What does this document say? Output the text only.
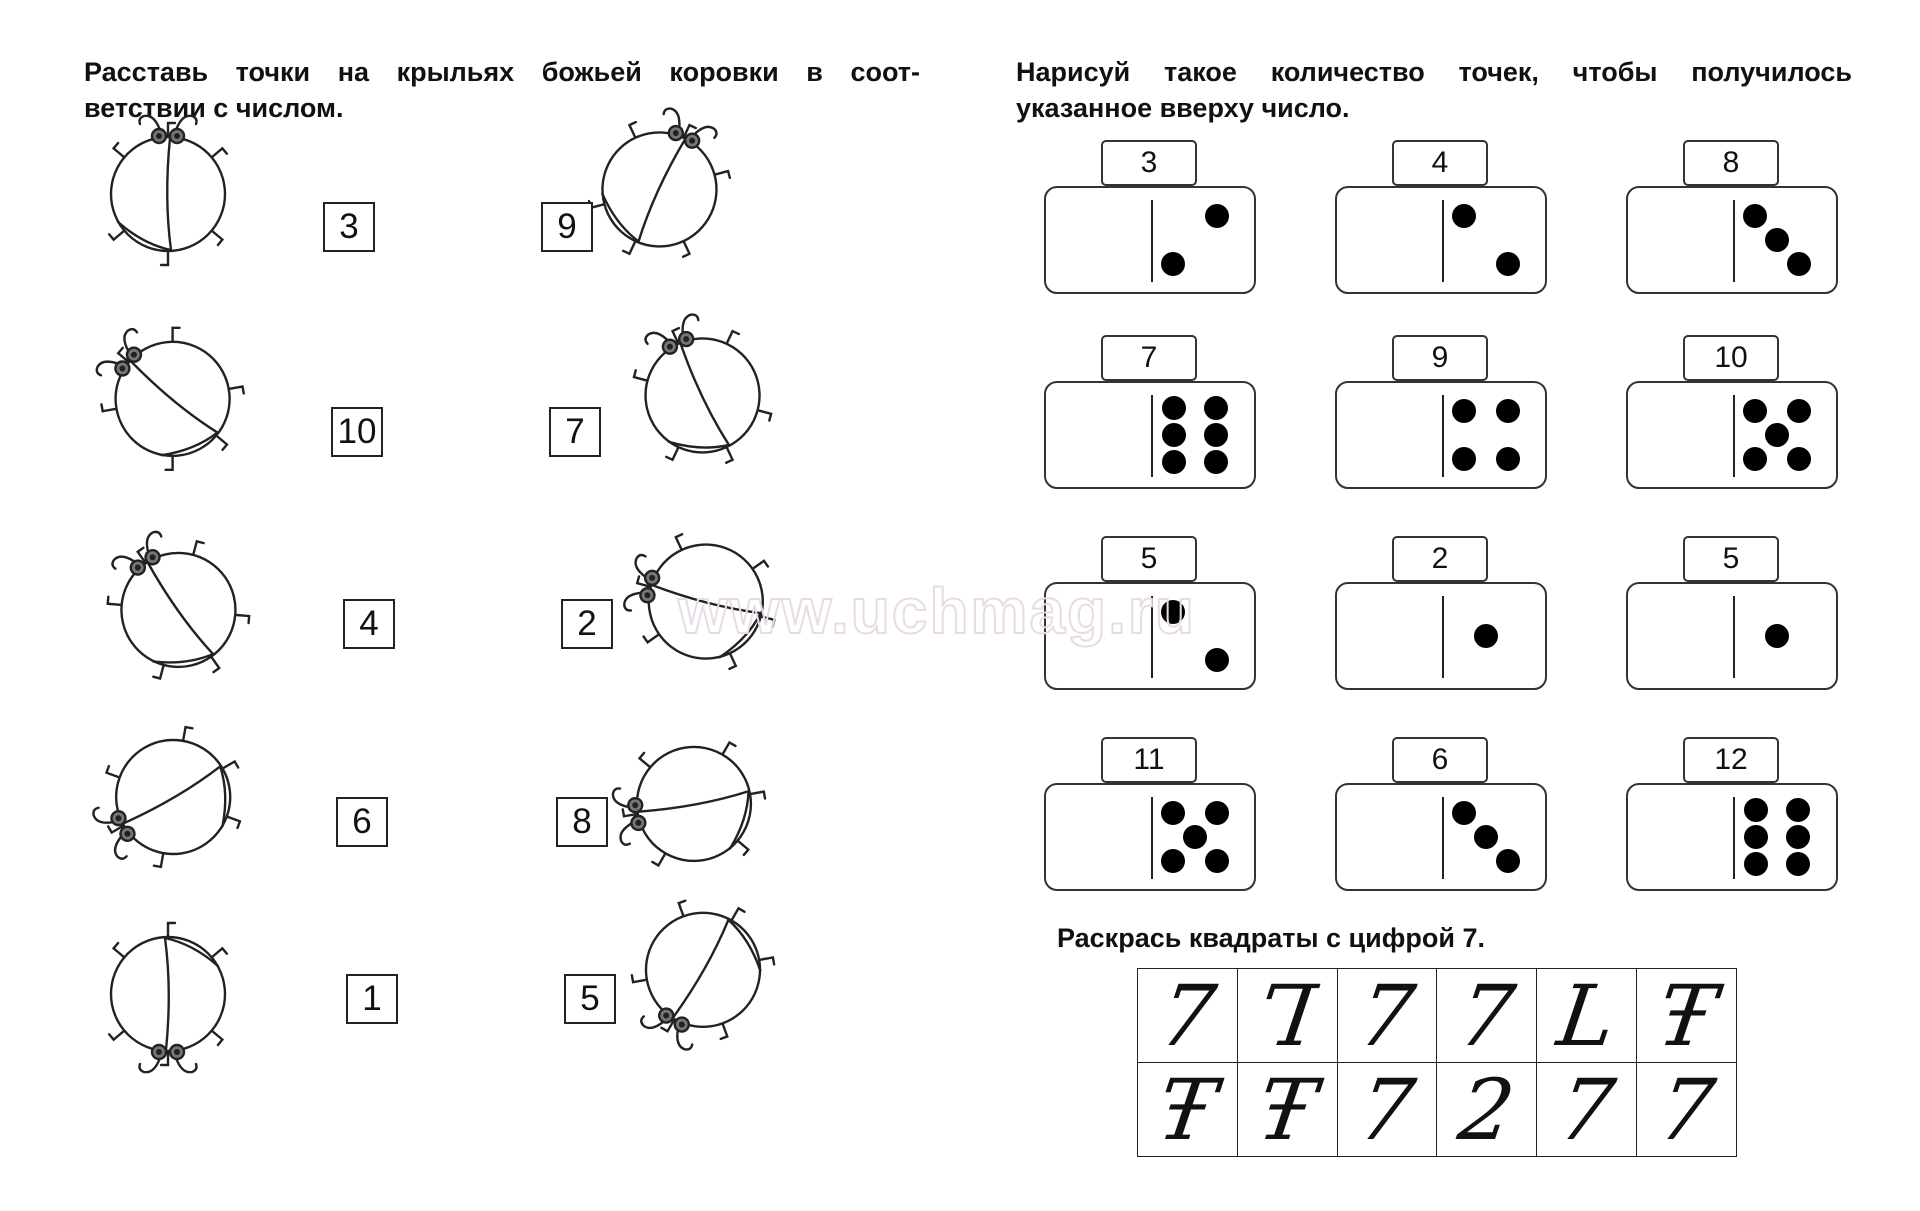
Расставь точки на крыльях божьей коровки в соот-
ветствии с числом.

Нарисуй такое количество точек, чтобы получилось
указанное вверху число.

3	9
10	7
4	2
6	8
1	5
3	4	8
7	9	10
5	2	5
11	6	12
Раскрась квадраты с цифрой 7.
7	Ꞁ	7	7	L	Ŧ
Ŧ	Ŧ	7	2	7	7
www.uchmag.ru
